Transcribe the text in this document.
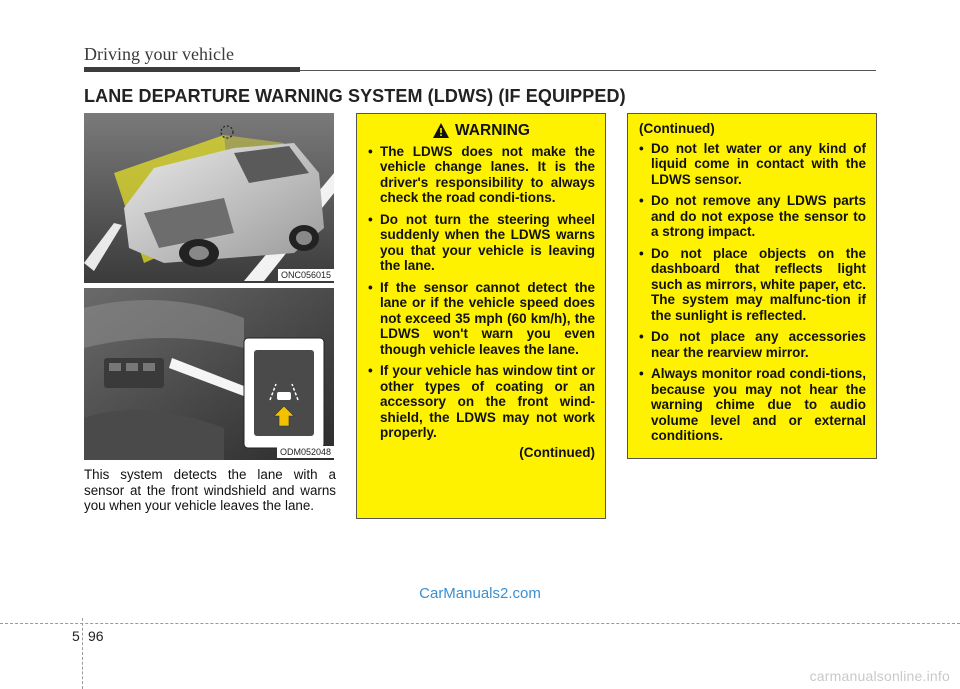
Driving your vehicle
LANE DEPARTURE WARNING SYSTEM (LDWS) (IF EQUIPPED)
ONC056015
ODM052048
This system detects the lane with a sensor at the front windshield and warns you when your vehicle leaves the lane.
WARNING
• The LDWS does not make the vehicle change lanes. It is the driver's responsibility to always check the road condi-tions.
• Do not turn the steering wheel suddenly when the LDWS warns you that your vehicle is leaving the lane.
• If the sensor cannot detect the lane or if the vehicle speed does not exceed 35 mph (60 km/h), the LDWS won't warn you even though vehicle leaves the lane.
• If your vehicle has window tint or other types of coating or an accessory on the front wind-shield, the LDWS may not work properly.
(Continued)
(Continued)
• Do not let water or any kind of liquid come in contact with the LDWS sensor.
• Do not remove any LDWS parts and do not expose the sensor to a strong impact.
• Do not place objects on the dashboard that reflects light such as mirrors, white paper, etc. The system may malfunc-tion if the sunlight is reflected.
• Do not place any accessories near the rearview mirror.
• Always monitor road condi-tions, because you may not hear the warning chime due to audio volume level and or external conditions.
CarManuals2.com
5 96
carmanualsonline.info
